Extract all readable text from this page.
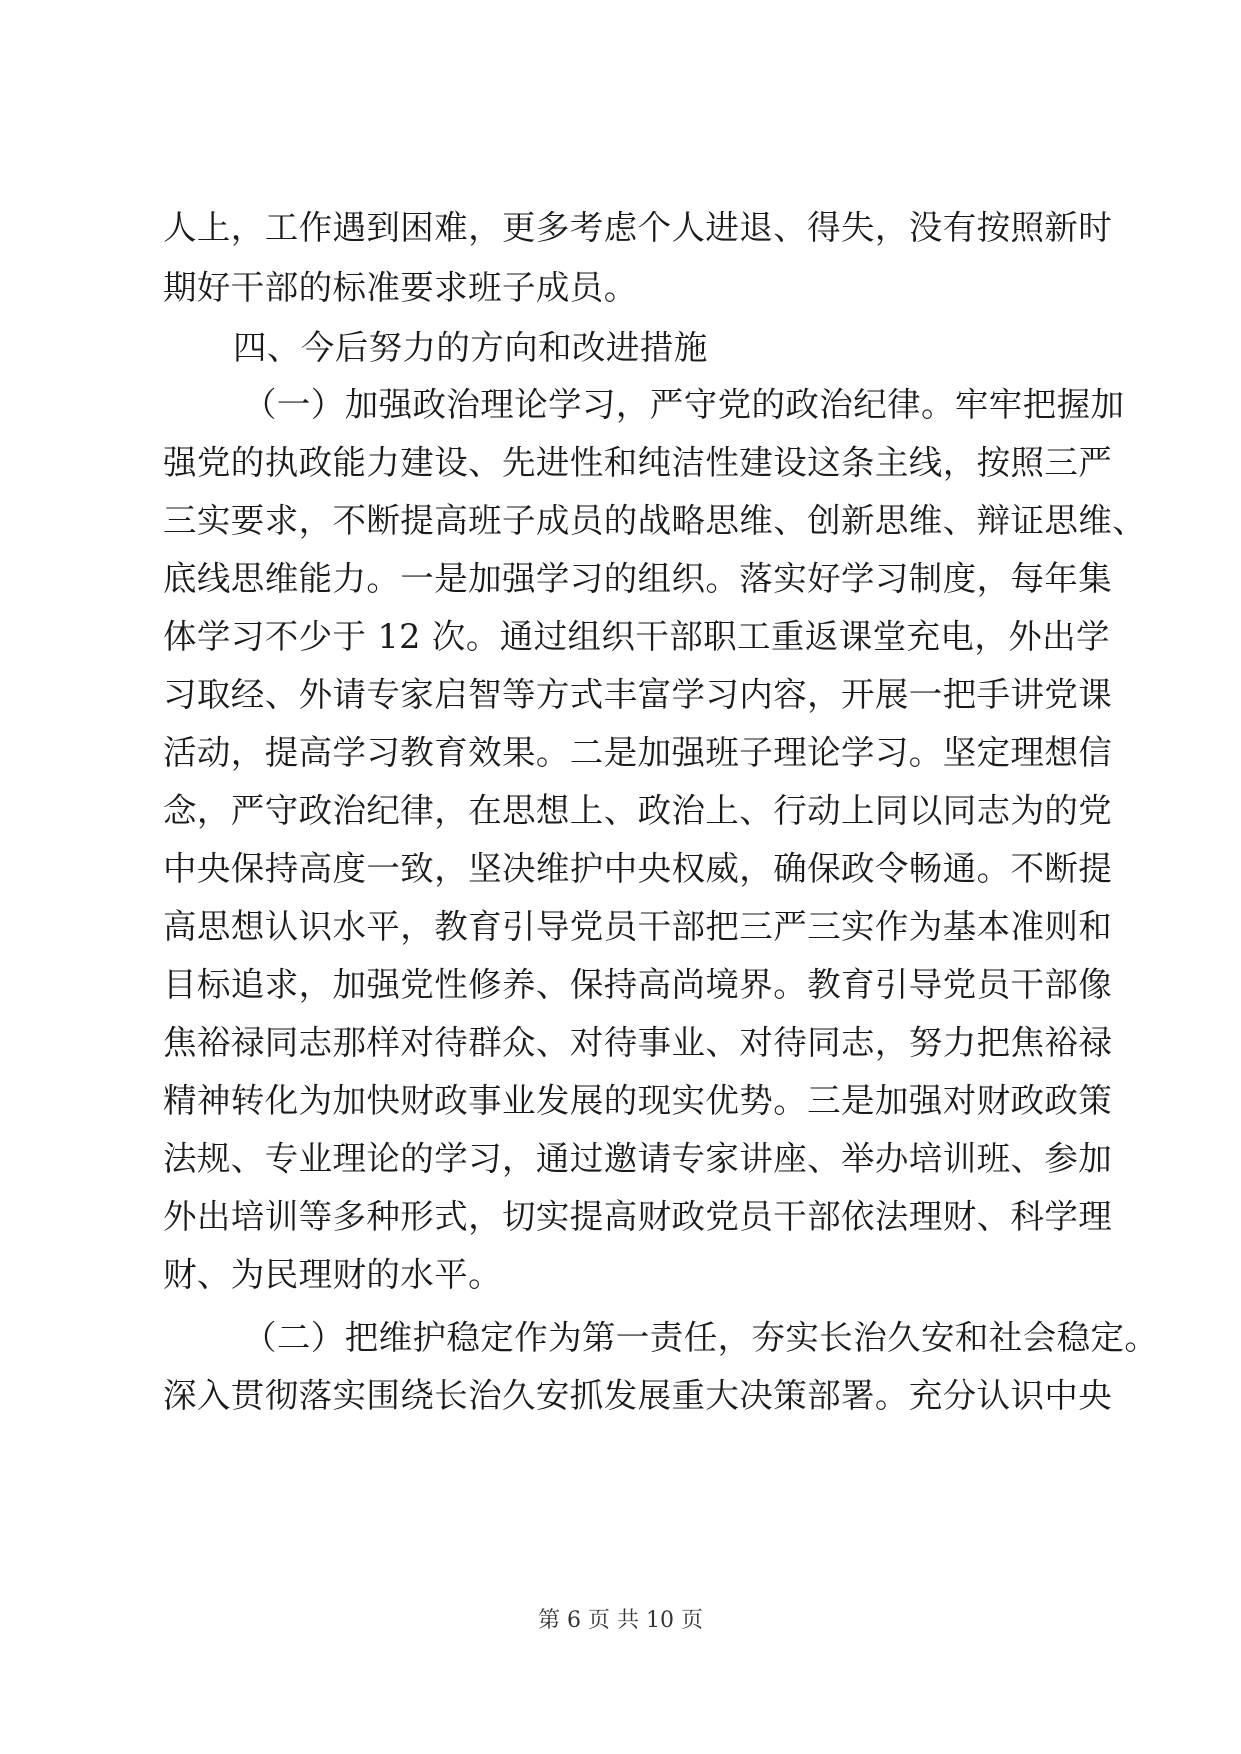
人上，工作遇到困难，更多考虑个人进退、得失，没有按照新时
期好干部的标准要求班子成员。
四、今后努力的方向和改进措施
（一）加强政治理论学习，严守党的政治纪律。牢牢把握加
强党的执政能力建设、先进性和纯洁性建设这条主线，按照三严
三实要求，不断提高班子成员的战略思维、创新思维、辩证思维、
底线思维能力。一是加强学习的组织。落实好学习制度，每年集
体学习不少于 12 次。通过组织干部职工重返课堂充电，外出学
习取经、外请专家启智等方式丰富学习内容，开展一把手讲党课
活动，提高学习教育效果。二是加强班子理论学习。坚定理想信
念，严守政治纪律，在思想上、政治上、行动上同以同志为的党
中央保持高度一致，坚决维护中央权威，确保政令畅通。不断提
高思想认识水平，教育引导党员干部把三严三实作为基本准则和
目标追求，加强党性修养、保持高尚境界。教育引导党员干部像
焦裕禄同志那样对待群众、对待事业、对待同志，努力把焦裕禄
精神转化为加快财政事业发展的现实优势。三是加强对财政政策
法规、专业理论的学习，通过邀请专家讲座、举办培训班、参加
外出培训等多种形式，切实提高财政党员干部依法理财、科学理
财、为民理财的水平。
（二）把维护稳定作为第一责任，夯实长治久安和社会稳定。
深入贯彻落实围绕长治久安抓发展重大决策部署。充分认识中央
第 6 页 共 10 页
